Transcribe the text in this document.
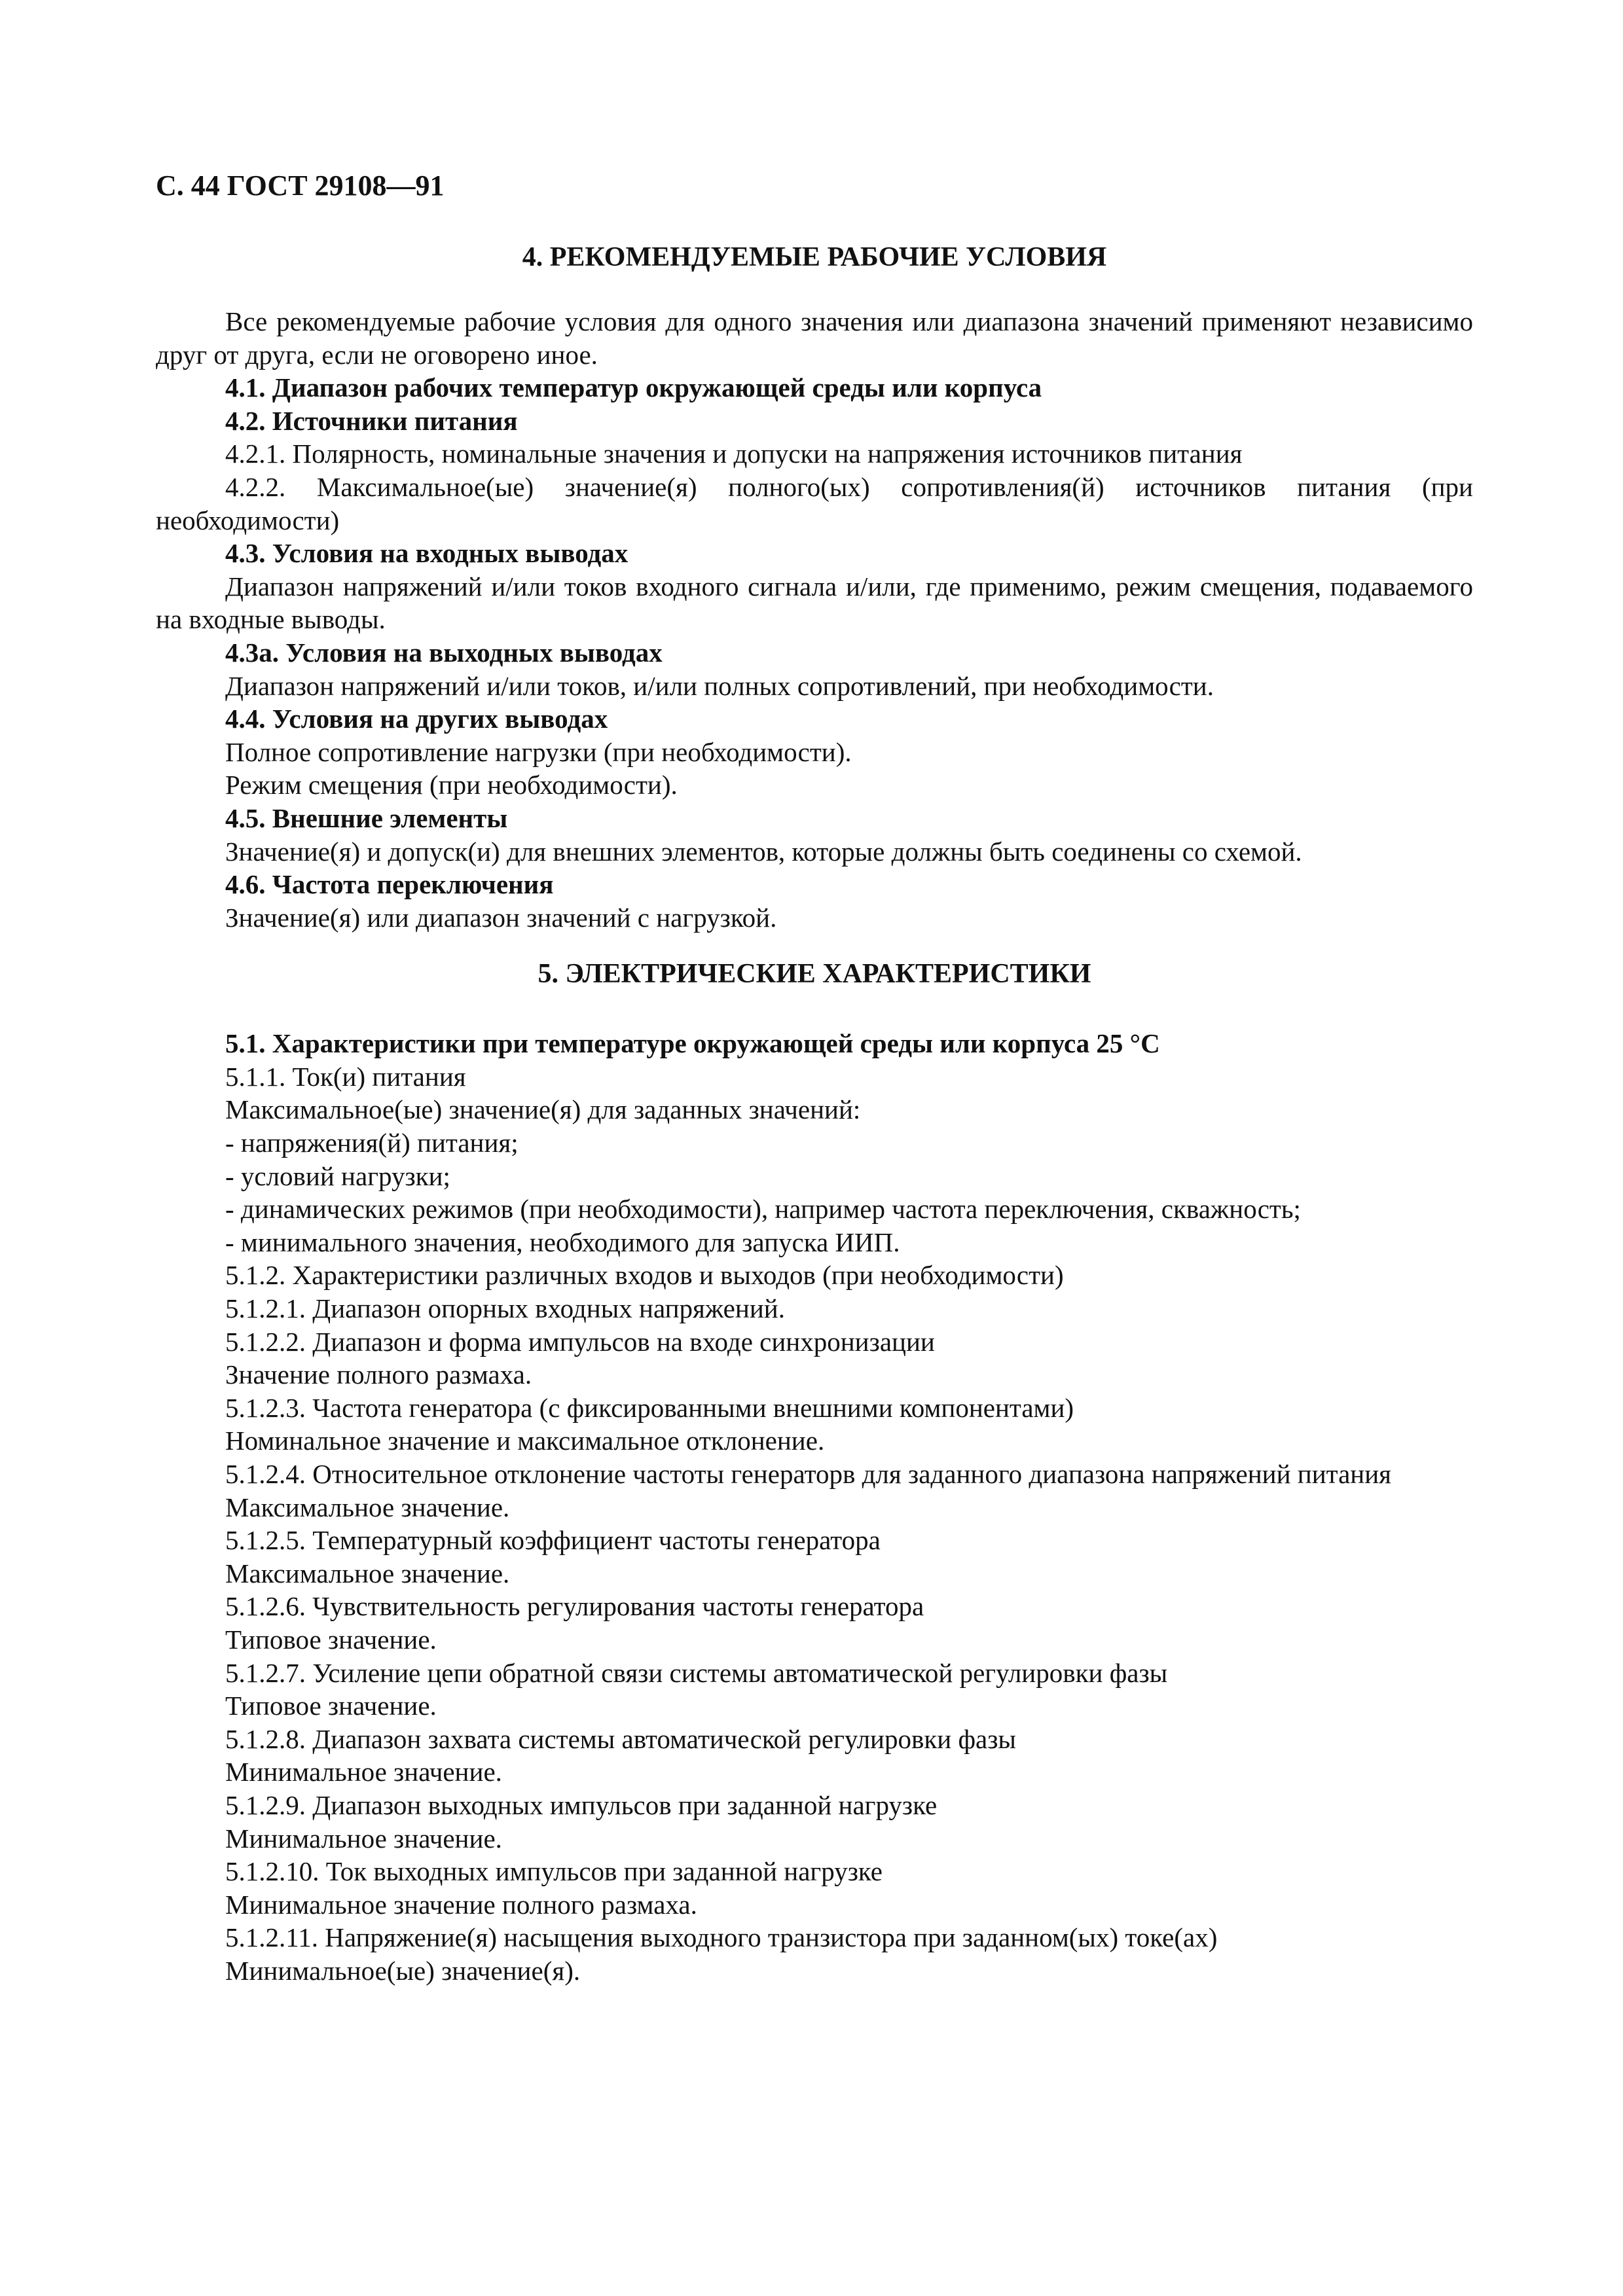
С. 44 ГОСТ 29108—91
4. РЕКОМЕНДУЕМЫЕ РАБОЧИЕ УСЛОВИЯ

Все рекомендуемые рабочие условия для одного значения или диапазона значений применяют независимо друг от друга, если не оговорено иное.

4.1. Диапазон рабочих температур окружающей среды или корпуса

4.2. Источники питания

4.2.1. Полярность, номинальные значения и допуски на напряжения источников питания

4.2.2. Максимальное(ые) значение(я) полного(ых) сопротивления(й) источников питания (при необходимости)

4.3. Условия на входных выводах

Диапазон напряжений и/или токов входного сигнала и/или, где применимо, режим смещения, подаваемого на входные выводы.

4.3а. Условия на выходных выводах

Диапазон напряжений и/или токов, и/или полных сопротивлений, при необходимости.

4.4. Условия на других выводах

Полное сопротивление нагрузки (при необходимости).

Режим смещения (при необходимости).

4.5. Внешние элементы

Значение(я) и допуск(и) для внешних элементов, которые должны быть соединены со схемой.

4.6. Частота переключения

Значение(я) или диапазон значений с нагрузкой.

5. ЭЛЕКТРИЧЕСКИЕ ХАРАКТЕРИСТИКИ

5.1. Характеристики при температуре окружающей среды или корпуса 25 °С

5.1.1. Ток(и) питания

Максимальное(ые) значение(я) для заданных значений:

- напряжения(й) питания;

- условий нагрузки;

- динамических режимов (при необходимости), например частота переключения, скважность;

- минимального значения, необходимого для запуска ИИП.

5.1.2. Характеристики различных входов и выходов (при необходимости)

5.1.2.1. Диапазон опорных входных напряжений.

5.1.2.2. Диапазон и форма импульсов на входе синхронизации

Значение полного размаха.

5.1.2.3. Частота генератора (с фиксированными внешними компонентами)

Номинальное значение и максимальное отклонение.

5.1.2.4. Относительное отклонение частоты генераторв для заданного диапазона напряжений питания

Максимальное значение.

5.1.2.5. Температурный коэффициент частоты генератора

Максимальное значение.

5.1.2.6. Чувствительность регулирования частоты генератора

Типовое значение.

5.1.2.7. Усиление цепи обратной связи системы автоматической регулировки фазы

Типовое значение.

5.1.2.8. Диапазон захвата системы автоматической регулировки фазы

Минимальное значение.

5.1.2.9. Диапазон выходных импульсов при заданной нагрузке

Минимальное значение.

5.1.2.10. Ток выходных импульсов при заданной нагрузке

Минимальное значение полного размаха.

5.1.2.11. Напряжение(я) насыщения выходного транзистора при заданном(ых) токе(ах)

Минимальное(ые) значение(я).
